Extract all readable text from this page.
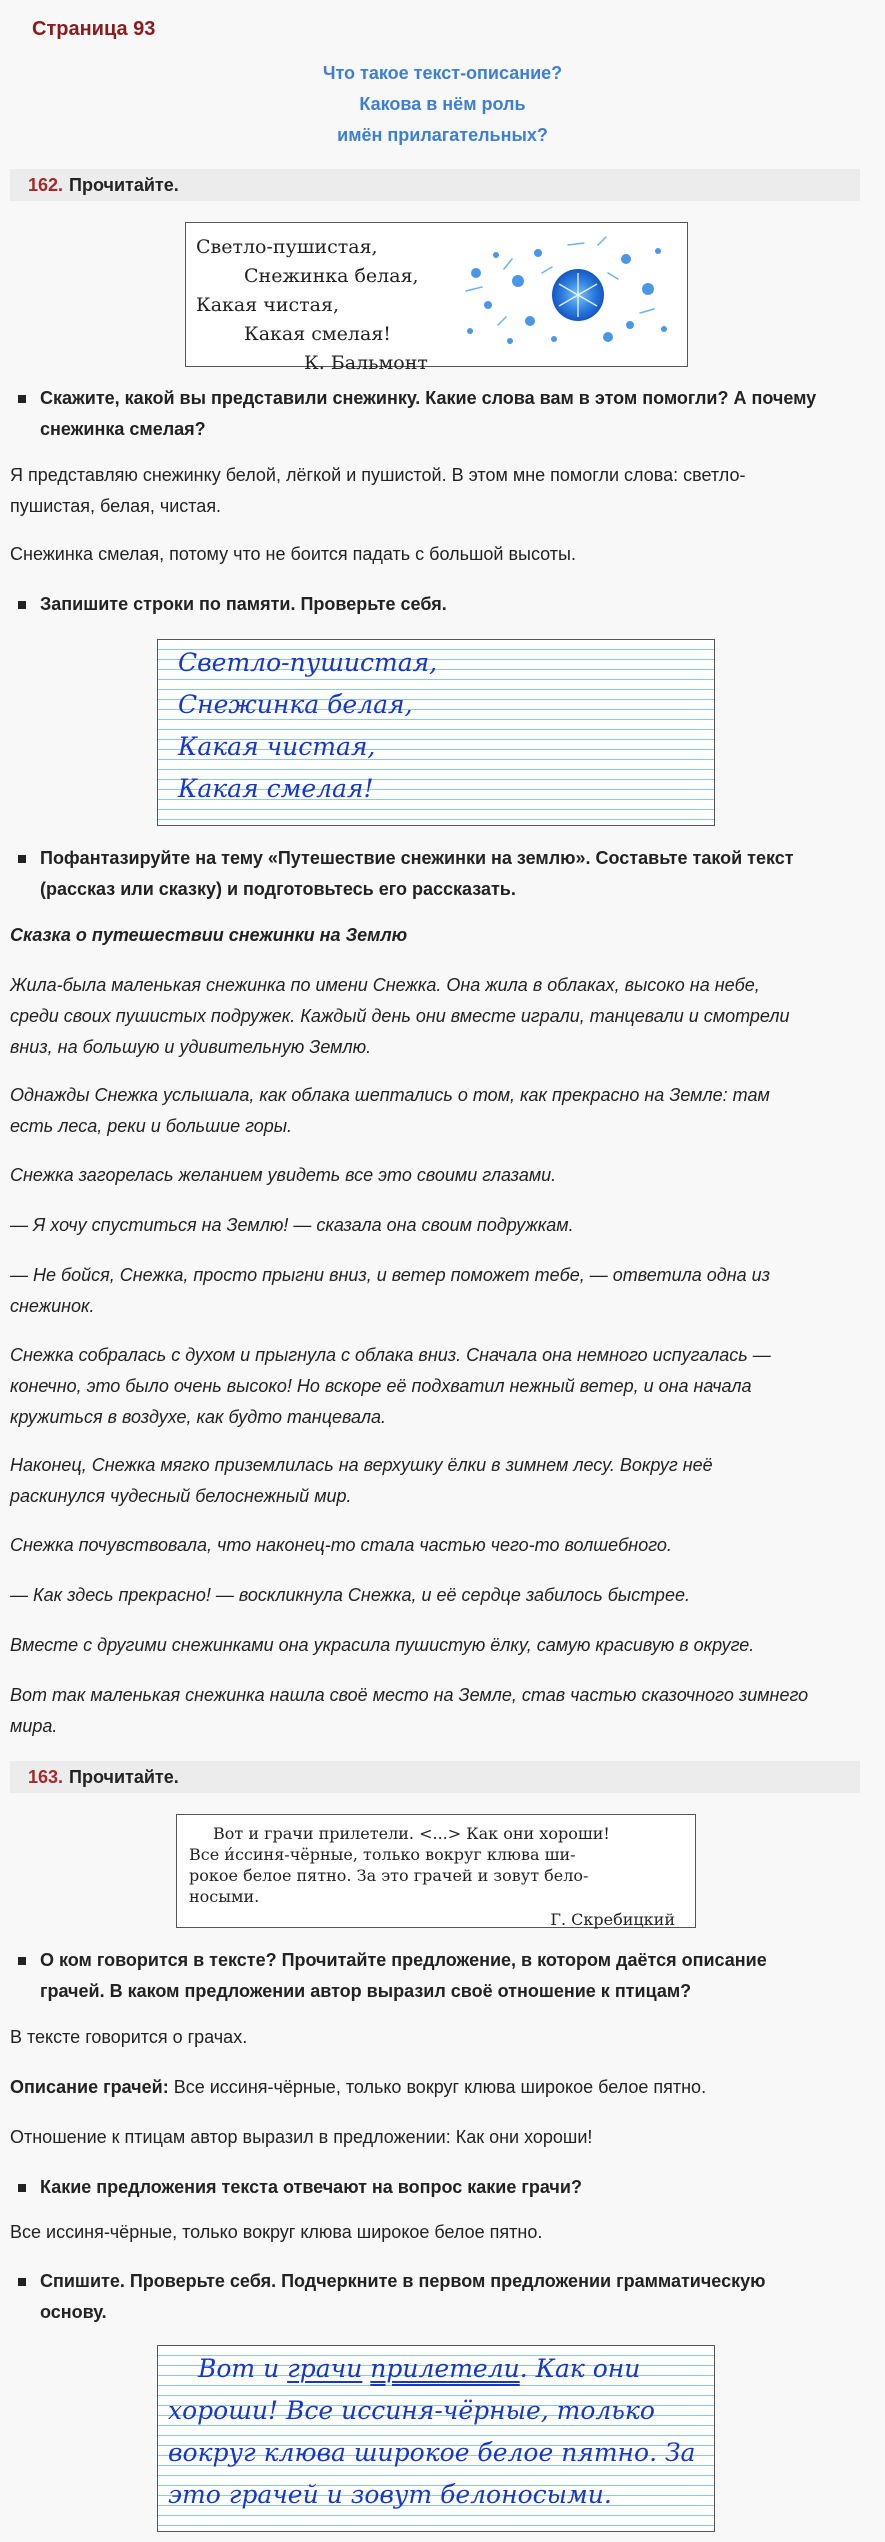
Страница 93
Что такое текст-описание?
Какова в нём роль
имён прилагательных?
162. Прочитайте.
Светло-пушистая,
Снежинка белая,
Какая чистая,
Какая смелая!
К. Бальмонт
Скажите, какой вы представили снежинку. Какие слова вам в этом помогли? А почему снежинка смелая?
Я представляю снежинку белой, лёгкой и пушистой. В этом мне помогли слова: светло-
пушистая, белая, чистая.
Снежинка смелая, потому что не боится падать с большой высоты.
Запишите строки по памяти. Проверьте себя.
Светло-пушистая,
Снежинка белая,
Какая чистая,
Какая смелая!
Пофантазируйте на тему «Путешествие снежинки на землю». Составьте такой текст
(рассказ или сказку) и подготовьтесь его рассказать.
Сказка о путешествии снежинки на Землю
Жила-была маленькая снежинка по имени Снежка. Она жила в облаках, высоко на небе,
среди своих пушистых подружек. Каждый день они вместе играли, танцевали и смотрели
вниз, на большую и удивительную Землю.
Однажды Снежка услышала, как облака шептались о том, как прекрасно на Земле: там
есть леса, реки и большие горы.
Снежка загорелась желанием увидеть все это своими глазами.
— Я хочу спуститься на Землю! — сказала она своим подружкам.
— Не бойся, Снежка, просто прыгни вниз, и ветер поможет тебе, — ответила одна из
снежинок.
Снежка собралась с духом и прыгнула с облака вниз. Сначала она немного испугалась —
конечно, это было очень высоко! Но вскоре её подхватил нежный ветер, и она начала
кружиться в воздухе, как будто танцевала.
Наконец, Снежка мягко приземлилась на верхушку ёлки в зимнем лесу. Вокруг неё
раскинулся чудесный белоснежный мир.
Снежка почувствовала, что наконец-то стала частью чего-то волшебного.
— Как здесь прекрасно! — воскликнула Снежка, и её сердце забилось быстрее.
Вместе с другими снежинками она украсила пушистую ёлку, самую красивую в округе.
Вот так маленькая снежинка нашла своё место на Земле, став частью сказочного зимнего
мира.
163. Прочитайте.
Вот и грачи прилетели. <...> Как они хороши!
Все и́ссиня-чёрные, только вокруг клюва ши-
рокое белое пятно. За это грачей и зовут бело-
носыми.
Г. Скребицкий
О ком говорится в тексте? Прочитайте предложение, в котором даётся описание
грачей. В каком предложении автор выразил своё отношение к птицам?
В тексте говорится о грачах.
Описание грачей: Все иссиня-чёрные, только вокруг клюва широкое белое пятно.
Отношение к птицам автор выразил в предложении: Как они хороши!
Какие предложения текста отвечают на вопрос какие грачи?
Все иссиня-чёрные, только вокруг клюва широкое белое пятно.
Спишите. Проверьте себя. Подчеркните в первом предложении грамматическую
основу.
Вот и грачи прилетели. Как они
хороши! Все иссиня-чёрные, только
вокруг клюва широкое белое пятно. За
это грачей и зовут белоносыми.
